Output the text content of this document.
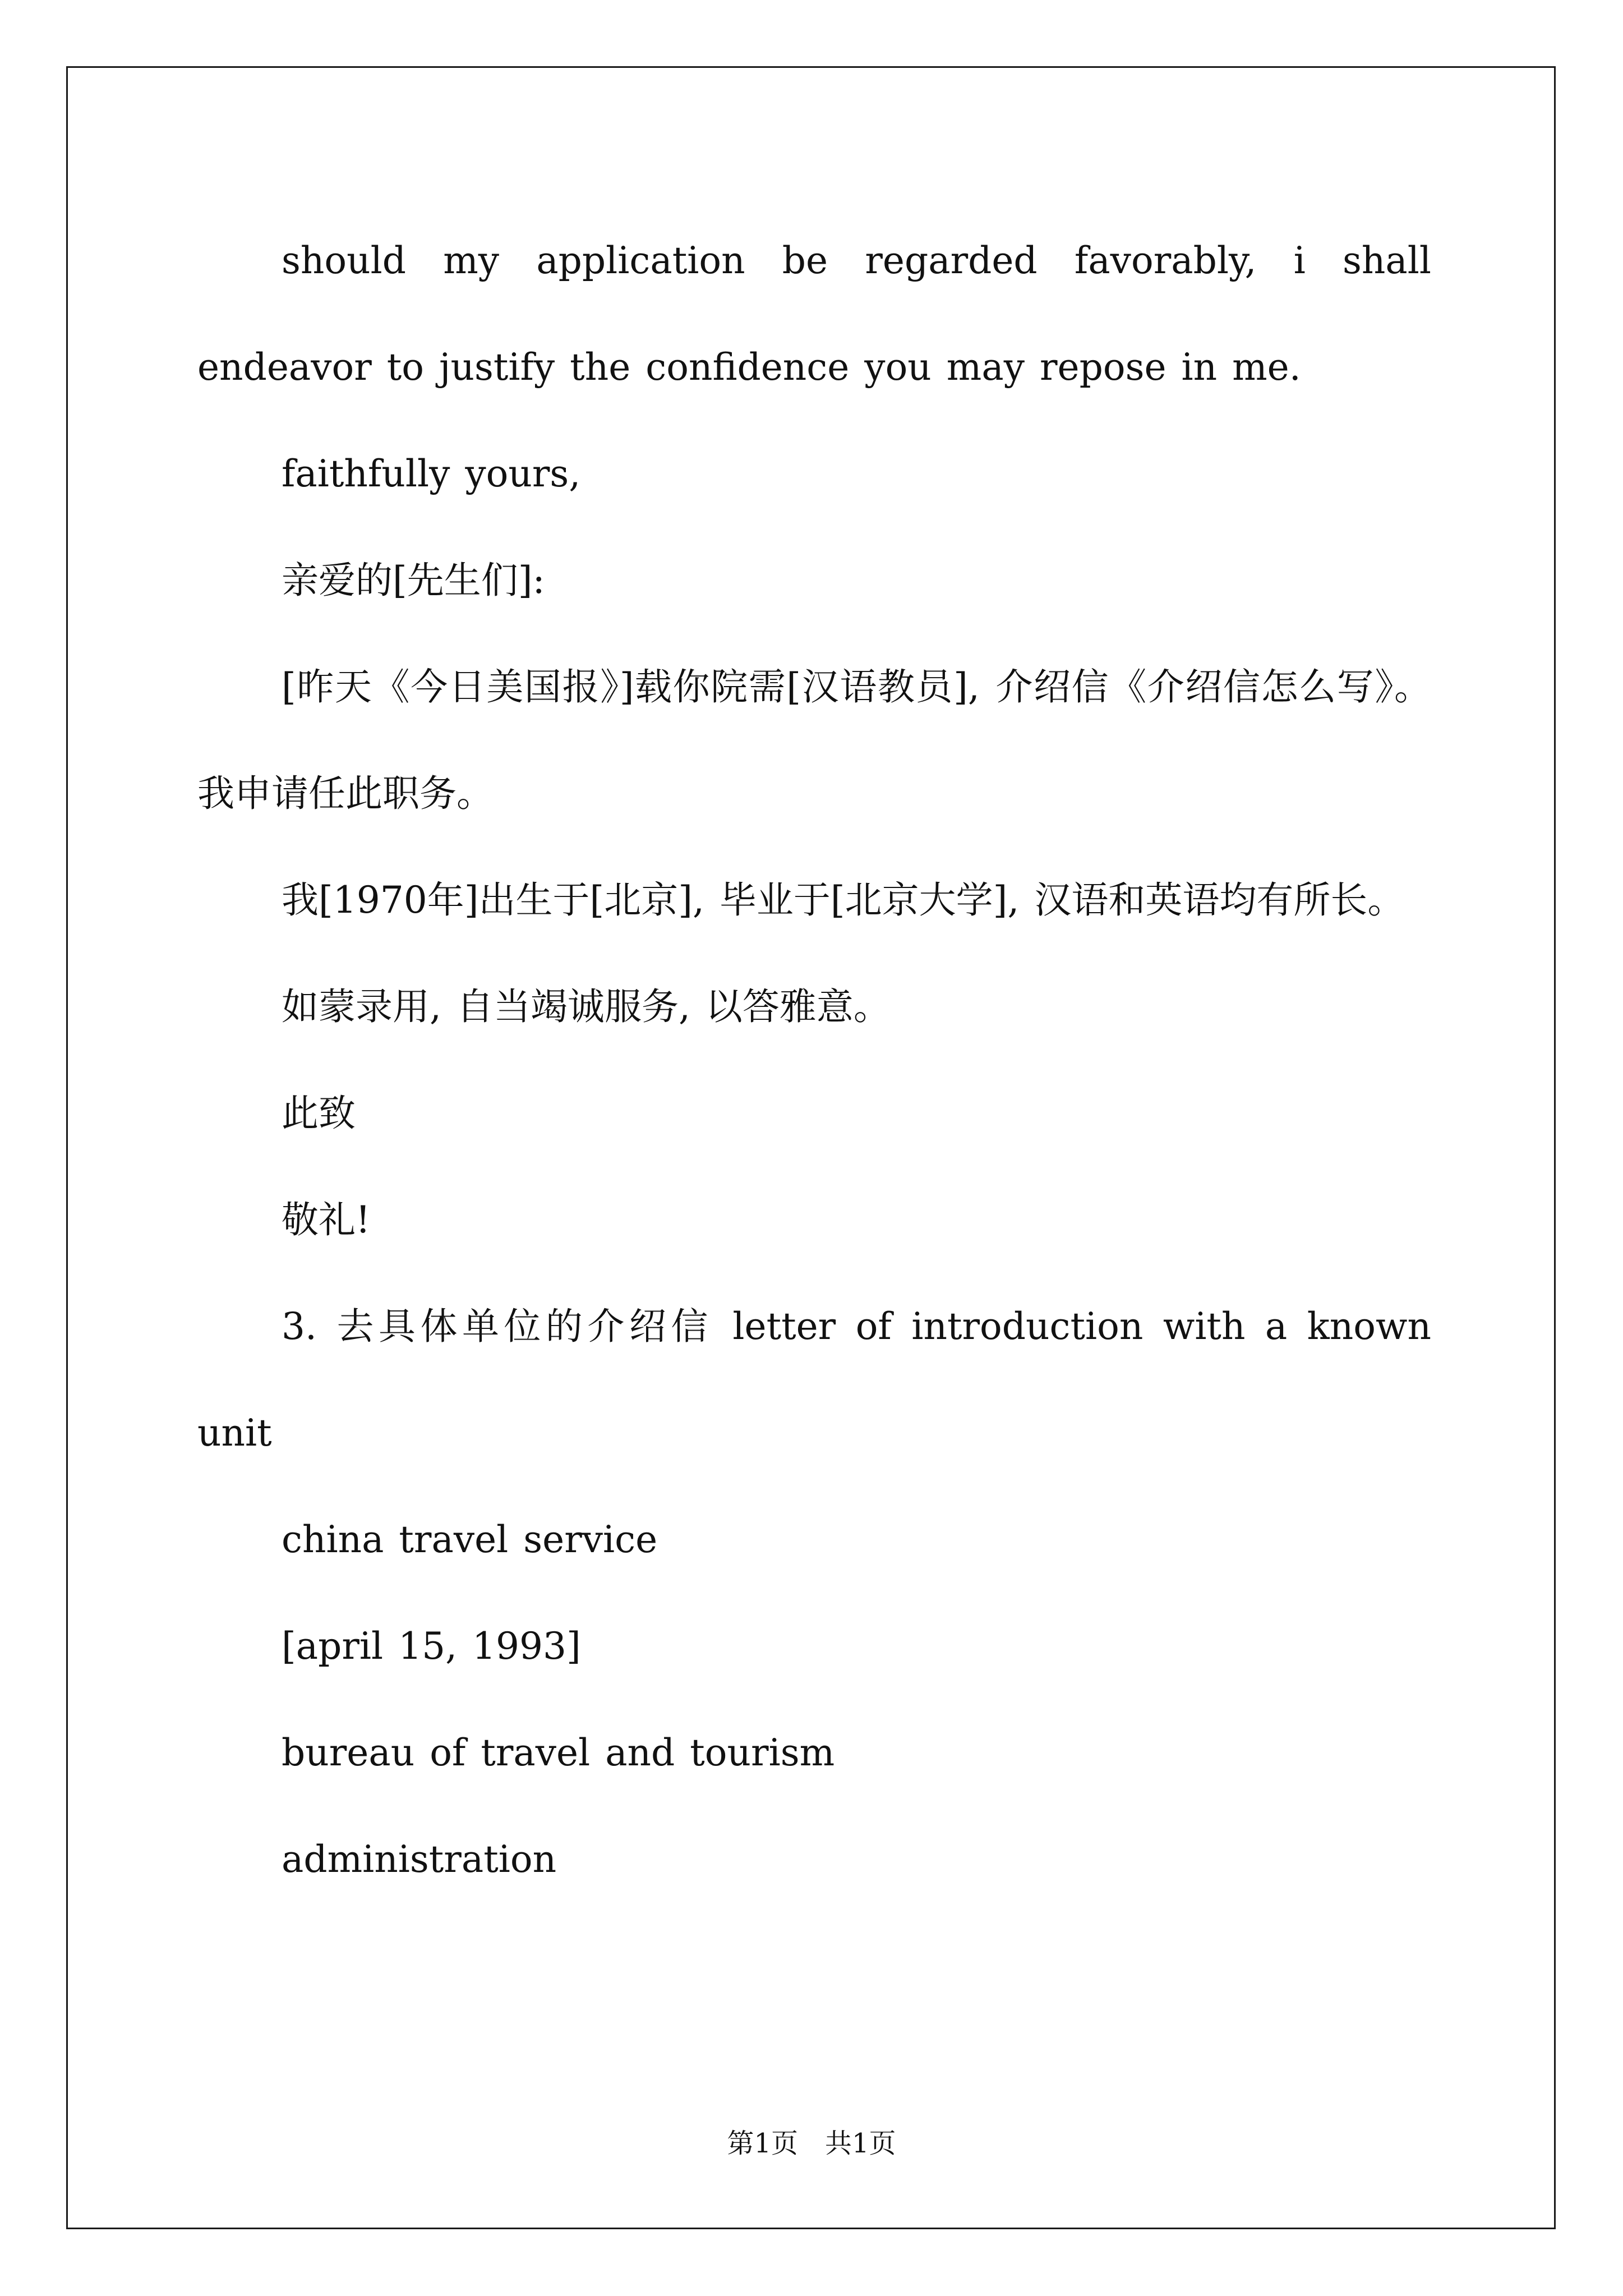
should my application be regarded favorably, i shall endeavor to justify the confidence you may repose in me.

faithfully yours,

亲爱的[先生们]:

[昨天《今日美国报》]载你院需[汉语教员], 介绍信《介绍信怎么写》。我申请任此职务。

我[1970年]出生于[北京], 毕业于[北京大学], 汉语和英语均有所长。

如蒙录用, 自当竭诚服务, 以答雅意。

此致

敬礼!

3. 去具体单位的介绍信 letter of introduction with a known unit

china travel service

[april 15, 1993]

bureau of travel and tourism

administration

第1页　共1页
